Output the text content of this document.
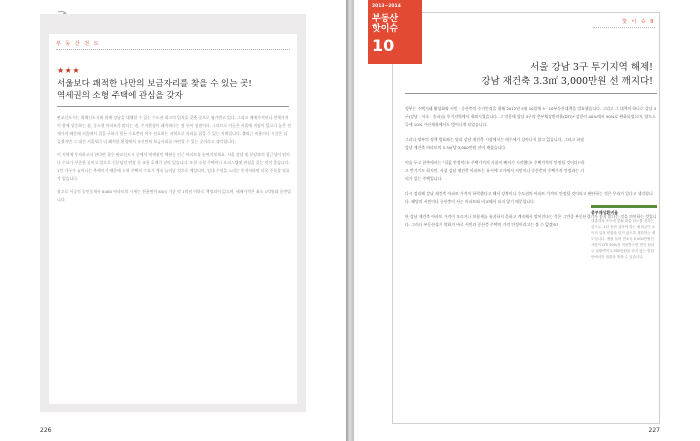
부 동 산 전 트
★★★
서울보다 쾌적한 나만의 보금자리를 찾을 수 있는 곳!
역세권의 소형 주택에 관심을 갖자

판교신도시는 위례신도시와 함께 강남을 대체할 수 있는 수도권 최고의 입지를 갖춘 곳으로 평가받고 있다. 그리고 매매가격이나 전세가격이 함께 상승하는 점, 중소형 아파트가 많다는 점, 주거환경이 쾌적하다는 점 등이 장점이다. 그러므로 이곳은 서울에 직장이 있으나 높은 전세가격 때문에 서울에서 집을 구하기 힘든 수요층이 아주 선호하는 지역으로 자리를 잡을 수 있는 지역입니다. 출퇴근 비용이나 시간은 더 들겠지만 그 대신 서울보다 더 쾌적한 환경에서 자신만의 보금자리를 마련할 수 있는 곳이라고 생각합니다.

이 지역에 투자하고자 한다면 경우 판교신도시 중에서 역세권인 백현동 인근 아파트를 눈여겨보세요. 서울 강남 및 분당과의 접근성이 뛰어나 수요가 꾸준한 곳이고 앞으로 신분당선 연장 등 교통 호재가 남아 있습니다. 또한 소형 주택이나 오피스텔에 관심을 갖는 것이 좋습니다. 1인 가구가 늘어나는 추세이기 때문에 소형 주택의 수요가 계속 늘어날 것으로 예상되며, 임대 수익을 노리는 투자자라면 더욱 주목할 필요가 있습니다.

참고로 이곳의 공인중개사 8480 아파트의 시세는 전용면적 85㎡ 기준 약 1억원 이하로 책정되어 있으며, 매매가격은 최소 1억원대 중반입니다.

226
핫 이 슈 8
서울 강남 3구 투기지역 해제!
강남 재건축 3.3㎡ 3,000만원 선 깨지다!

정부는 주택거래 활성화와 서민 · 중산층의 주거안정을 위해 2012년 5월 10일에 5 · 10부동산대책을 발표했습니다. 그리고 그 대책의 하나로 강남 3구(강남 · 서초 · 송파)를 투기지역에서 제외시켰습니다. 그 덕분에 강남 3구의 총부채상환비율(DTI)* 상한이 40%에서 50%로 완화되었으며, 양도소득세 10% 가산세율에서도 벗어나게 되었습니다.

그러나 정부의 정책 발표와는 달리 강남 재건축 시장에서는 매수세가 살아나지 않고 있습니다. 그리고 하필 강남 재건축 아파트의 3.3㎡당 3,000만원 선이 깨졌습니다.

이를 두고 한쪽에서는 "집값 안정이다! 주택가격의 거품이 빠지기 시작했다! 주택가격이 안정될 것이다!"라고 반기기도 하지만, 사실 강남 재건축 아파트는 유서에 고가에서 서민이나 중산층의 주택가격 안정과는 거리가 있는 주택입니다.

다시 정리해 강남 재건축 아파트 가격이 하락했다고 해서 강북이나 수도권의 아파트 가격이 안정될 것이라고 판단하는 것은 무리가 있다고 생각합니다. 해당의 서민이나 중산층이 사는 아파트와 비교해서 되지 않기 때문입니다.

단 강남 재건축 아파트 가격이 오르거나 보합세를 유지하지 못하고 계속해서 떨어진다는 것은 그만큼 부동산경기가 좋지 않다는 것을 의미하는 것입니다. 그러나 부동산경기 악화가 바로 서민과 중산층 주택의 가격 안정이라고는 볼 수 없겠죠?

총부채상환비율
대출자의 소득에 맞춰 대출 한도를 정하는 것으로, 1년 동안 갚아야 하는 원리금이 소득의 일정 비율을 넘지 않도록 제한하는 제도입니다. 예를 들어 연소득 5,000만원인 사람이 DTI 50%를 적용받으면 연간 원리금 상환액이 2,500만원을 넘지 않는 범위 안에서만 대출을 받을 수 있습니다.
2013~2014
부동산
핫이슈
10
227
